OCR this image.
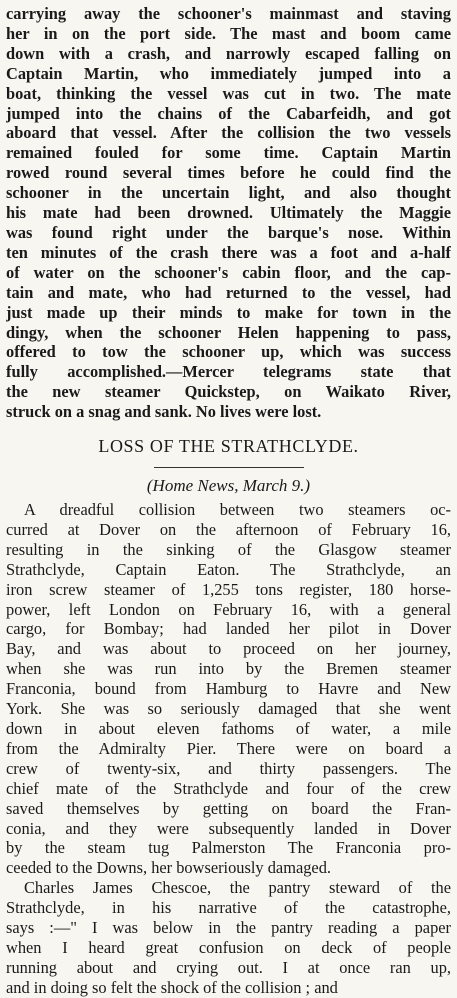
carrying away the schooner's mainmast and staving
her in on the port side. The mast and boom came
down with a crash, and narrowly escaped falling on
Captain Martin, who immediately jumped into a
boat, thinking the vessel was cut in two. The mate
jumped into the chains of the Cabarfeidh, and got
aboard that vessel. After the collision the two vessels
remained fouled for some time. Captain Martin
rowed round several times before he could find the
schooner in the uncertain light, and also thought
his mate had been drowned. Ultimately the Maggie
was found right under the barque's nose. Within
ten minutes of the crash there was a foot and a-half
of water on the schooner's cabin floor, and the cap-
tain and mate, who had returned to the vessel, had
just made up their minds to make for town in the
dingy, when the schooner Helen happening to pass,
offered to tow the schooner up, which was success
fully accomplished.—Mercer telegrams state that
the new steamer Quickstep, on Waikato River,
struck on a snag and sank. No lives were lost.
LOSS OF THE STRATHCLYDE.
(Home News, March 9.)
A dreadful collision between two steamers oc-
curred at Dover on the afternoon of February 16,
resulting in the sinking of the Glasgow steamer
Strathclyde, Captain Eaton. The Strathclyde, an
iron screw steamer of 1,255 tons register, 180 horse-
power, left London on February 16, with a general
cargo, for Bombay; had landed her pilot in Dover
Bay, and was about to proceed on her journey,
when she was run into by the Bremen steamer
Franconia, bound from Hamburg to Havre and New
York. She was so seriously damaged that she went
down in about eleven fathoms of water, a mile
from the Admiralty Pier. There were on board a
crew of twenty-six, and thirty passengers. The
chief mate of the Strathclyde and four of the crew
saved themselves by getting on board the Fran-
conia, and they were subsequently landed in Dover
by the steam tug Palmerston The Franconia pro-
ceeded to the Downs, her bowseriously damaged.
Charles James Chescoe, the pantry steward of the
Strathclyde, in his narrative of the catastrophe,
says :—" I was below in the pantry reading a paper
when I heard great confusion on deck of people
running about and crying out. I at once ran up,
and in doing so felt the shock of the collision ; and
